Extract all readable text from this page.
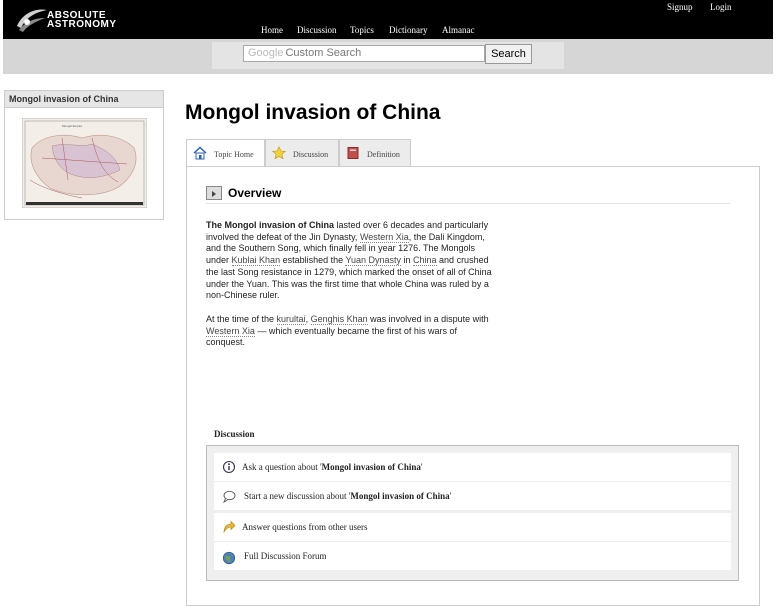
ABSOLUTE
ASTRONOMY	Home Discussion Topics Dictionary Almanac
Signup Login
Google Custom Search	Search
Mongol invasion of China
Mongol Empire
Mongol invasion of China
Topic Home	Discussion	Definition
Overview
The Mongol invasion of China lasted over 6 decades and particularly involved the defeat of the Jin Dynasty, Western Xia, the Dali Kingdom, and the Southern Song, which finally fell in year 1276. The Mongols under Kublai Khan established the Yuan Dynasty in China and crushed the last Song resistance in 1279, which marked the onset of all of China under the Yuan. This was the first time that whole China was ruled by a non-Chinese ruler.
At the time of the kurultai, Genghis Khan was involved in a dispute with Western Xia — which eventually became the first of his wars of conquest.
Discussion
Ask a question about 'Mongol invasion of China'
Start a new discussion about 'Mongol invasion of China'
Answer questions from other users
Full Discussion Forum
